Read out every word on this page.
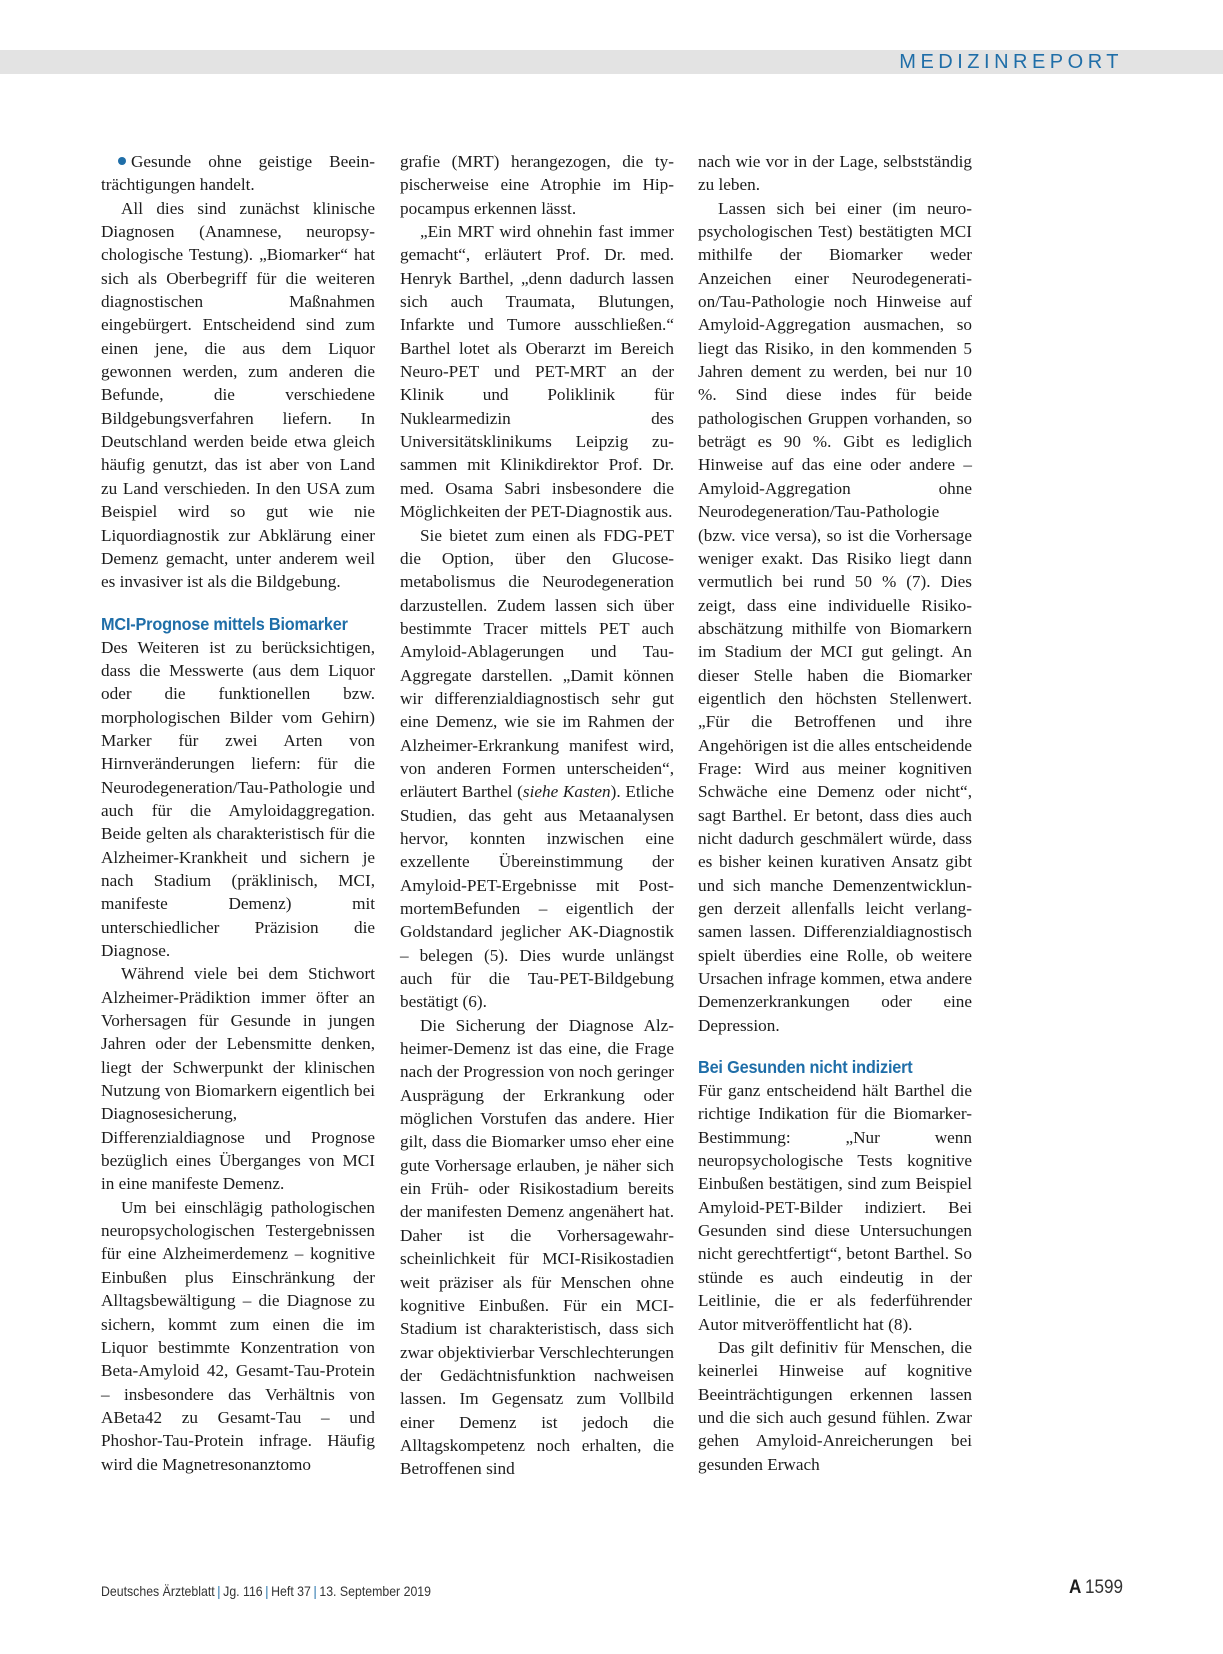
MEDIZINREPORT

Gesunde ohne geistige Beeinträchtigungen handelt.

All dies sind zunächst klinische Diagnosen (Anamnese, neuropsychologische Testung). „Biomarker“ hat sich als Oberbegriff für die weiteren diagnostischen Maßnahmen eingebürgert. Entscheidend sind zum einen jene, die aus dem Liquor gewonnen werden, zum anderen die Befunde, die verschiedene Bildgebungsverfahren liefern. In Deutschland werden beide etwa gleich häufig genutzt, das ist aber von Land zu Land verschieden. In den USA zum Beispiel wird so gut wie nie Liquordiagnostik zur Abklärung einer Demenz gemacht, unter anderem weil es invasiver ist als die Bildgebung.

MCI-Prognose mittels Biomarker

Des Weiteren ist zu berücksichtigen, dass die Messwerte (aus dem Liquor oder die funktionellen bzw. morphologischen Bilder vom Gehirn) Marker für zwei Arten von Hirnveränderungen liefern: für die Neurodegeneration/Tau-Pathologie und auch für die Amyloidaggregation. Beide gelten als charakteristisch für die Alzheimer-Krankheit und sichern je nach Stadium (präklinisch, MCI, manifeste Demenz) mit unterschiedlicher Präzision die Diagnose.

Während viele bei dem Stichwort Alzheimer-Prädiktion immer öfter an Vorhersagen für Gesunde in jungen Jahren oder der Lebensmitte denken, liegt der Schwerpunkt der klinischen Nutzung von Biomarkern eigentlich bei Diagnosesicherung, Differenzialdiagnose und Prognose bezüglich eines Überganges von MCI in eine manifeste Demenz.

Um bei einschlägig pathologischen neuropsychologischen Testergebnissen für eine Alzheimerdemenz – kognitive Einbußen plus Einschränkung der Alltagsbewältigung – die Diagnose zu sichern, kommt zum einen die im Liquor bestimmte Konzentration von Beta-Amyloid 42, Gesamt-Tau-Protein – insbesondere das Verhältnis von ABeta42 zu Gesamt-Tau – und Phoshor-Tau-Protein infrage. Häufig wird die Magnetresonanztomo

grafie (MRT) herangezogen, die typischerweise eine Atrophie im Hippocampus erkennen lässt.

„Ein MRT wird ohnehin fast immer gemacht“, erläutert Prof. Dr. med. Henryk Barthel, „denn dadurch lassen sich auch Traumata, Blutungen, Infarkte und Tumore ausschließen.“ Barthel lotet als Oberarzt im Bereich Neuro-PET und PET-MRT an der Klinik und Poliklinik für Nuklearmedizin des Universitätsklinikums Leipzig zusammen mit Klinikdirektor Prof. Dr. med. Osama Sabri insbesondere die Möglichkeiten der PET-Diagnostik aus.

Sie bietet zum einen als FDG-PET die Option, über den Glucosemetabolismus die Neurodegeneration darzustellen. Zudem lassen sich über bestimmte Tracer mittels PET auch Amyloid-Ablagerungen und Tau-Aggregate darstellen. „Damit können wir differenzialdiagnostisch sehr gut eine Demenz, wie sie im Rahmen der Alzheimer-Erkrankung manifest wird, von anderen Formen unterscheiden“, erläutert Barthel (siehe Kasten). Etliche Studien, das geht aus Metaanalysen hervor, konnten inzwischen eine exzellente Übereinstimmung der Amyloid-PET-Ergebnisse mit PostmortemBefunden – eigentlich der Goldstandard jeglicher AK-Diagnostik – belegen (5). Dies wurde unlängst auch für die Tau-PET-Bildgebung bestätigt (6).

Die Sicherung der Diagnose Alzheimer-Demenz ist das eine, die Frage nach der Progression von noch geringer Ausprägung der Erkrankung oder möglichen Vorstufen das andere. Hier gilt, dass die Biomarker umso eher eine gute Vorhersage erlauben, je näher sich ein Früh- oder Risikostadium bereits der manifesten Demenz angenähert hat. Daher ist die Vorhersagewahrscheinlichkeit für MCI-Risikostadien weit präziser als für Menschen ohne kognitive Einbußen. Für ein MCI-Stadium ist charakteristisch, dass sich zwar objektivierbar Verschlechterungen der Gedächtnisfunktion nachweisen lassen. Im Gegensatz zum Vollbild einer Demenz ist jedoch die Alltagskompetenz noch erhalten, die Betroffenen sind

nach wie vor in der Lage, selbstständig zu leben.

Lassen sich bei einer (im neuropsychologischen Test) bestätigten MCI mithilfe der Biomarker weder Anzeichen einer Neurodegeneration/Tau-Pathologie noch Hinweise auf Amyloid-Aggregation ausmachen, so liegt das Risiko, in den kommenden 5 Jahren dement zu werden, bei nur 10 %. Sind diese indes für beide pathologischen Gruppen vorhanden, so beträgt es 90 %. Gibt es lediglich Hinweise auf das eine oder andere – Amyloid-Aggregation ohne Neurodegeneration/Tau-Pathologie (bzw. vice versa), so ist die Vorhersage weniger exakt. Das Risiko liegt dann vermutlich bei rund 50 % (7). Dies zeigt, dass eine individuelle Risikoabschätzung mithilfe von Biomarkern im Stadium der MCI gut gelingt. An dieser Stelle haben die Biomarker eigentlich den höchsten Stellenwert. „Für die Betroffenen und ihre Angehörigen ist die alles entscheidende Frage: Wird aus meiner kognitiven Schwäche eine Demenz oder nicht“, sagt Barthel. Er betont, dass dies auch nicht dadurch geschmälert würde, dass es bisher keinen kurativen Ansatz gibt und sich manche Demenzentwicklungen derzeit allenfalls leicht verlangsamen lassen. Differenzialdiagnostisch spielt überdies eine Rolle, ob weitere Ursachen infrage kommen, etwa andere Demenzerkrankungen oder eine Depression.

Bei Gesunden nicht indiziert

Für ganz entscheidend hält Barthel die richtige Indikation für die Biomarker-Bestimmung: „Nur wenn neuropsychologische Tests kognitive Einbußen bestätigen, sind zum Beispiel Amyloid-PET-Bilder indiziert. Bei Gesunden sind diese Untersuchungen nicht gerechtfertigt“, betont Barthel. So stünde es auch eindeutig in der Leitlinie, die er als federführender Autor mitveröffentlicht hat (8).

Das gilt definitiv für Menschen, die keinerlei Hinweise auf kognitive Beeinträchtigungen erkennen lassen und die sich auch gesund fühlen. Zwar gehen Amyloid-Anreicherungen bei gesunden Erwach

Deutsches Ärzteblatt | Jg. 116 | Heft 37 | 13. September 2019	A 1599
